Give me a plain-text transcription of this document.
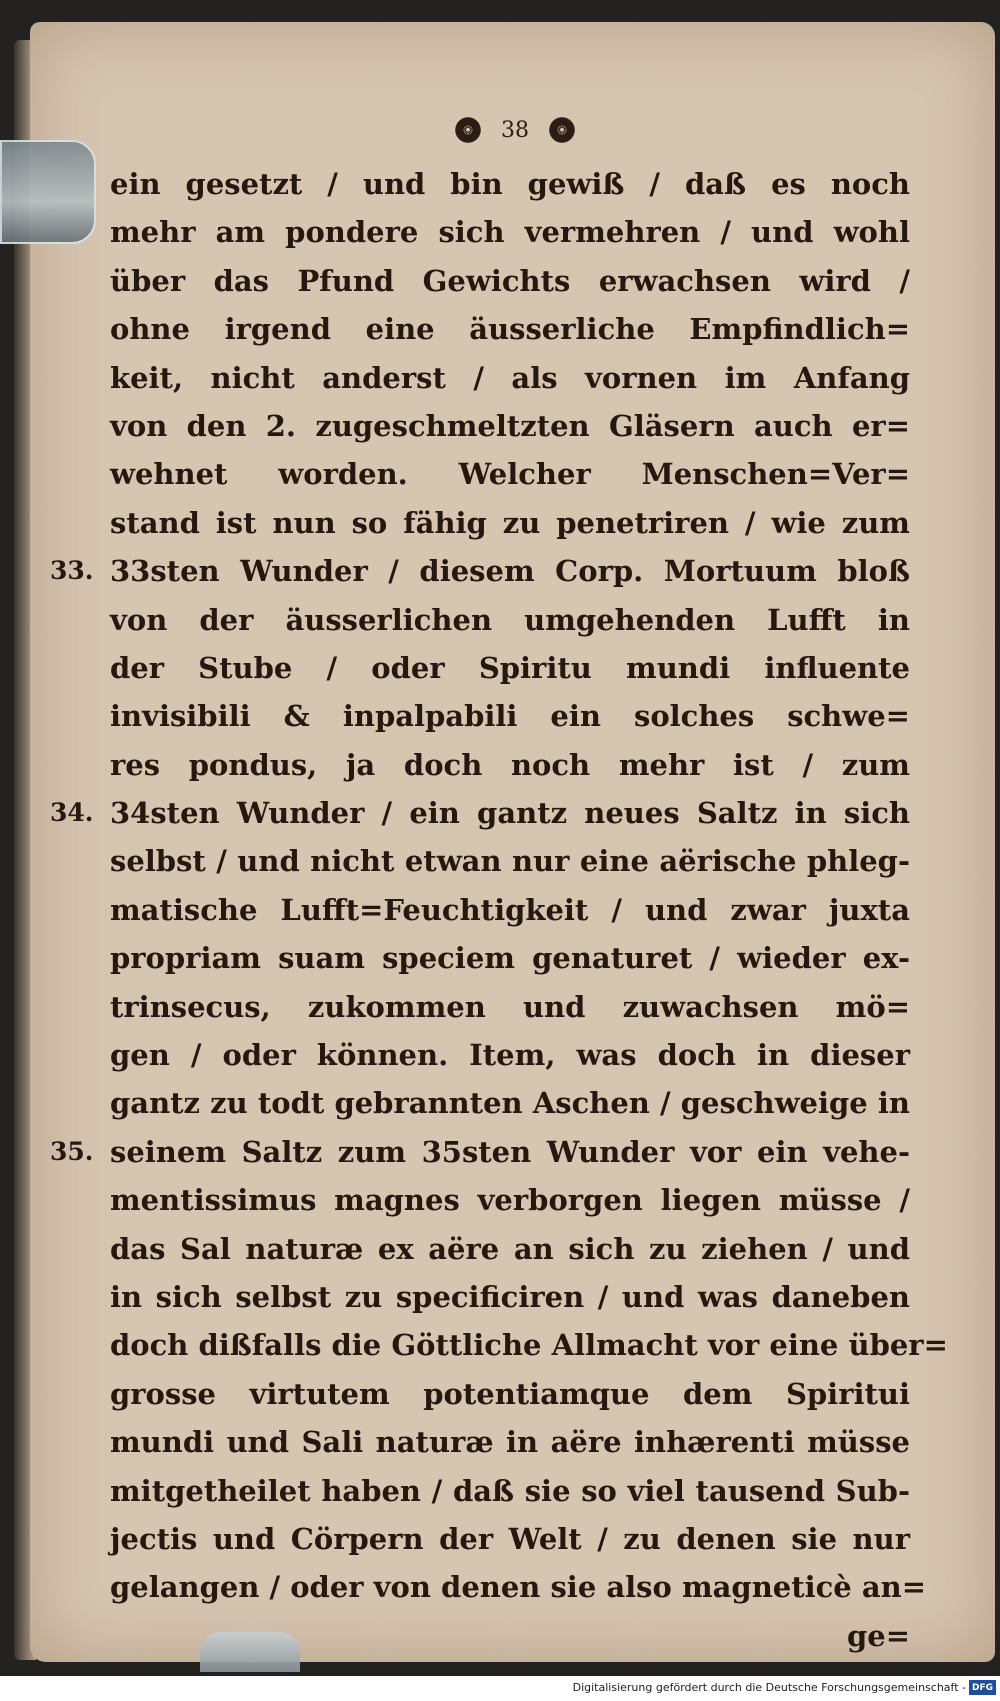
❁	38	❁
ein gesetzt / und bin gewiß / daß es noch
mehr am pondere sich vermehren / und wohl
über das Pfund Gewichts erwachsen wird /
ohne irgend eine äusserliche Empfindlich=
keit, nicht anderst / als vornen im Anfang
von den 2. zugeschmeltzten Gläsern auch er=
wehnet worden. Welcher Menschen=Ver=
stand ist nun so fähig zu penetriren / wie zum
33. 33sten Wunder / diesem Corp. Mortuum bloß
von der äusserlichen umgehenden Lufft in
der Stube / oder Spiritu mundi influente
invisibili & inpalpabili ein solches schwe=
res pondus, ja doch noch mehr ist / zum
34. 34sten Wunder / ein gantz neues Saltz in sich
selbst / und nicht etwan nur eine aërische phleg-
matische Lufft=Feuchtigkeit / und zwar juxta
propriam suam speciem genaturet / wieder ex-
trinsecus, zukommen und zuwachsen mö=
gen / oder können. Item, was doch in dieser
gantz zu todt gebrannten Aschen / geschweige in
35. seinem Saltz zum 35sten Wunder vor ein vehe-
mentissimus magnes verborgen liegen müsse /
das Sal naturæ ex aëre an sich zu ziehen / und
in sich selbst zu specificiren / und was daneben
doch dißfalls die Göttliche Allmacht vor eine über=
grosse virtutem potentiamque dem Spiritui
mundi und Sali naturæ in aëre inhærenti müsse
mitgetheilet haben / daß sie so viel tausend Sub-
jectis und Cörpern der Welt / zu denen sie nur
gelangen / oder von denen sie also magneticè an=
ge=
Digitalisierung gefördert durch die Deutsche Forschungsgemeinschaft - DFG
